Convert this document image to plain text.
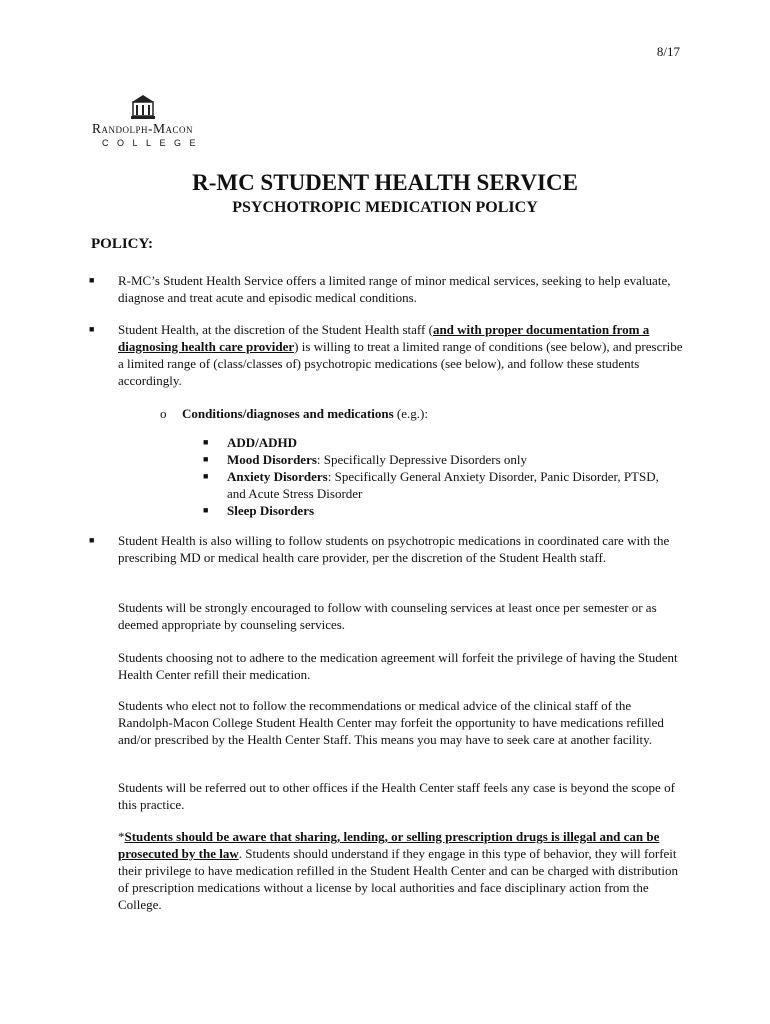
8/17
Randolph-Macon
COLLEGE
R-MC STUDENT HEALTH SERVICE
PSYCHOTROPIC MEDICATION POLICY
POLICY:
■ R-MC’s Student Health Service offers a limited range of minor medical services, seeking to help evaluate, diagnose and treat acute and episodic medical conditions.
■ Student Health, at the discretion of the Student Health staff (and with proper documentation from a diagnosing health care provider) is willing to treat a limited range of conditions (see below), and prescribe a limited range of (class/classes of) psychotropic medications (see below), and follow these students accordingly.
o Conditions/diagnoses and medications (e.g.):
■ ADD/ADHD
■ Mood Disorders: Specifically Depressive Disorders only
■ Anxiety Disorders: Specifically General Anxiety Disorder, Panic Disorder, PTSD, and Acute Stress Disorder
■ Sleep Disorders
■ Student Health is also willing to follow students on psychotropic medications in coordinated care with the prescribing MD or medical health care provider, per the discretion of the Student Health staff.
Students will be strongly encouraged to follow with counseling services at least once per semester or as deemed appropriate by counseling services.
Students choosing not to adhere to the medication agreement will forfeit the privilege of having the Student Health Center refill their medication.
Students who elect not to follow the recommendations or medical advice of the clinical staff of the Randolph-Macon College Student Health Center may forfeit the opportunity to have medications refilled and/or prescribed by the Health Center Staff. This means you may have to seek care at another facility.
Students will be referred out to other offices if the Health Center staff feels any case is beyond the scope of this practice.
*Students should be aware that sharing, lending, or selling prescription drugs is illegal and can be prosecuted by the law. Students should understand if they engage in this type of behavior, they will forfeit their privilege to have medication refilled in the Student Health Center and can be charged with distribution of prescription medications without a license by local authorities and face disciplinary action from the College.
